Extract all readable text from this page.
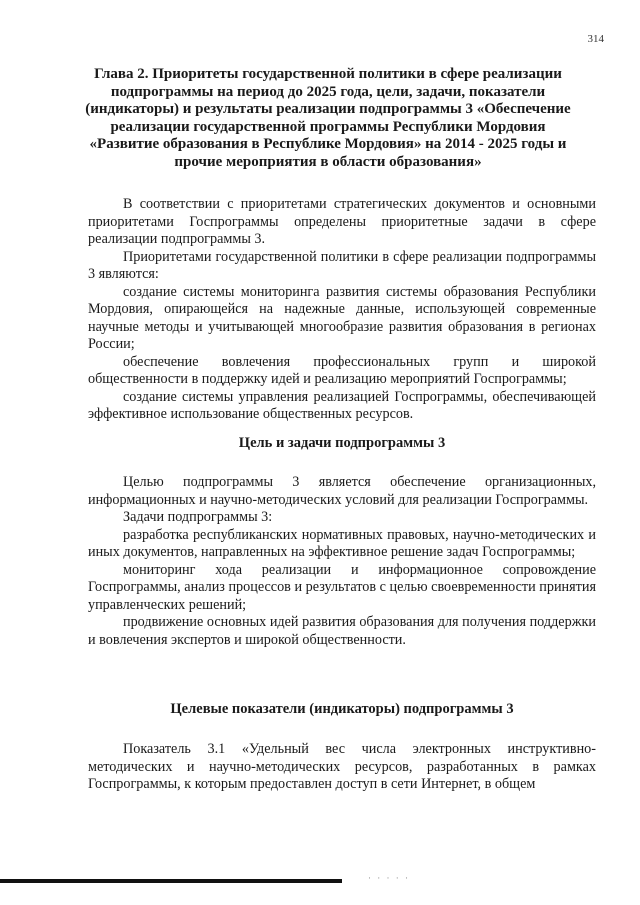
314
Глава 2. Приоритеты государственной политики в сфере реализации подпрограммы на период до 2025 года, цели, задачи, показатели (индикаторы) и результаты реализации подпрограммы 3 «Обеспечение реализации государственной программы Республики Мордовия «Развитие образования в Республике Мордовия» на 2014 - 2025 годы и прочие мероприятия в области образования»

В соответствии с приоритетами стратегических документов и основными приоритетами Госпрограммы определены приоритетные задачи в сфере реализации подпрограммы 3.

Приоритетами государственной политики в сфере реализации подпрограммы 3 являются:

создание системы мониторинга развития системы образования Республики Мордовия, опирающейся на надежные данные, использующей современные научные методы и учитывающей многообразие развития образования в регионах России;

обеспечение вовлечения профессиональных групп и широкой общественности в поддержку идей и реализацию мероприятий Госпрограммы;

создание системы управления реализацией Госпрограммы, обеспечивающей эффективное использование общественных ресурсов.

Цель и задачи подпрограммы 3

Целью подпрограммы 3 является обеспечение организационных, информационных и научно-методических условий для реализации Госпрограммы.

Задачи подпрограммы 3:

разработка республиканских нормативных правовых, научно-методических и иных документов, направленных на эффективное решение задач Госпрограммы;

мониторинг хода реализации и информационное сопровождение Госпрограммы, анализ процессов и результатов с целью своевременности принятия управленческих решений;

продвижение основных идей развития образования для получения поддержки и вовлечения экспертов и широкой общественности.

Целевые показатели (индикаторы) подпрограммы 3

Показатель 3.1 «Удельный вес числа электронных инструктивно-методических и научно-методических ресурсов, разработанных в рамках Госпрограммы, к которым предоставлен доступ в сети Интернет, в общем

· · · · ·
